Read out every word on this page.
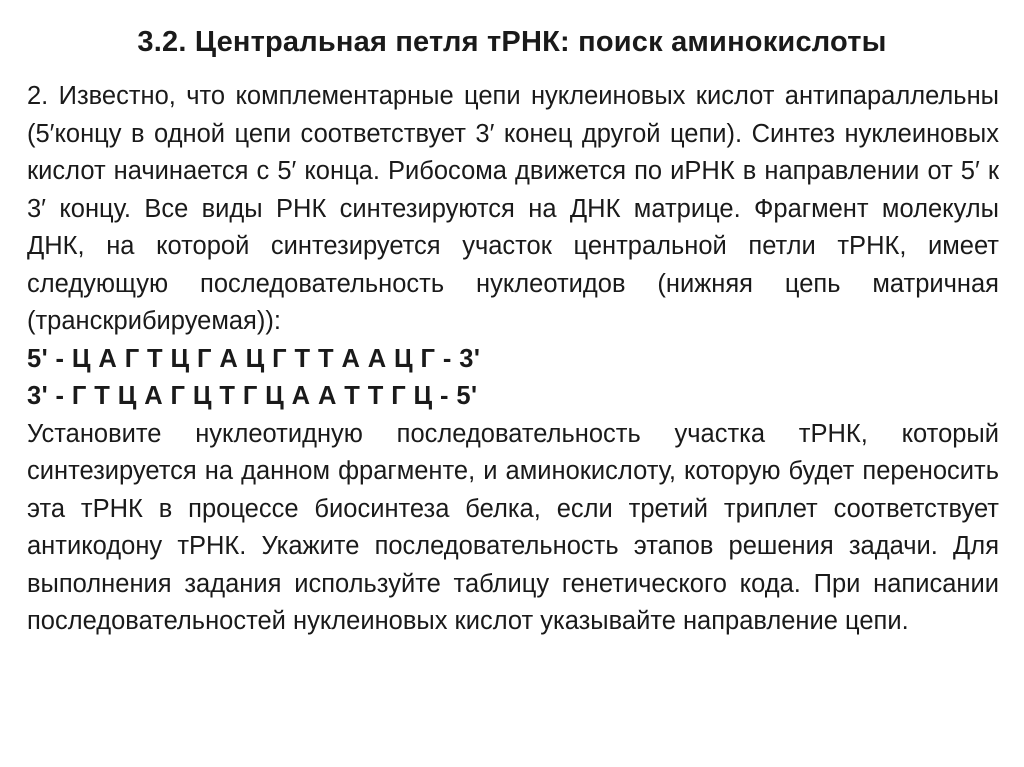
3.2. Центральная петля тРНК: поиск аминокислоты

2. Известно, что комплементарные цепи нуклеиновых кислот антипараллельны (5′концу в одной цепи соответствует 3′ конец другой цепи). Синтез нуклеиновых кислот начинается с 5′ конца. Рибосома движется по иРНК в направлении от 5′ к 3′ концу. Все виды РНК синтезируются на ДНК матрице. Фрагмент молекулы ДНК, на которой синтезируется участок центральной петли тРНК, имеет следующую последовательность нуклеотидов (нижняя цепь матричная (транскрибируемая)):

5' - Ц А Г Т Ц Г А Ц Г Т Т А А Ц Г - 3'

3' - Г Т Ц А Г Ц Т Г Ц А А Т Т Г Ц - 5'

Установите нуклеотидную последовательность участка тРНК, который синтезируется на данном фрагменте, и аминокислоту, которую будет переносить эта тРНК в процессе биосинтеза белка, если третий триплет соответствует антикодону тРНК. Укажите последовательность этапов решения задачи. Для выполнения задания используйте таблицу генетического кода. При написании последовательностей нуклеиновых кислот указывайте направление цепи.
